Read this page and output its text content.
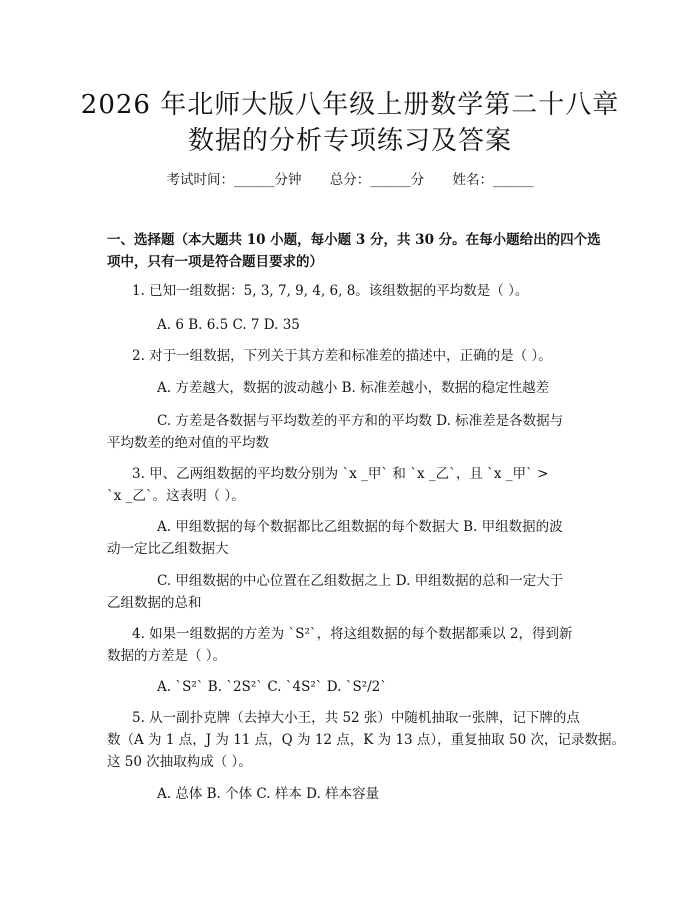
2026 年北师大版八年级上册数学第二十八章
数据的分析专项练习及答案
考试时间：______分钟 总分：______分 姓名：______
一、选择题（本大题共 10 小题，每小题 3 分，共 30 分。在每小题给出的四个选
项中，只有一项是符合题目要求的）
1. 已知一组数据：5, 3, 7, 9, 4, 6, 8。该组数据的平均数是（ ）。
A. 6 B. 6.5 C. 7 D. 35
2. 对于一组数据，下列关于其方差和标准差的描述中，正确的是（ ）。
A. 方差越大，数据的波动越小 B. 标准差越小，数据的稳定性越差
C. 方差是各数据与平均数差的平方和的平均数 D. 标准差是各数据与
平均数差的绝对值的平均数
3. 甲、乙两组数据的平均数分别为 `x _甲` 和 `x _乙`，且 `x _甲` >
`x _乙`。这表明（ ）。
A. 甲组数据的每个数据都比乙组数据的每个数据大 B. 甲组数据的波
动一定比乙组数据大
C. 甲组数据的中心位置在乙组数据之上 D. 甲组数据的总和一定大于
乙组数据的总和
4. 如果一组数据的方差为 `S²`，将这组数据的每个数据都乘以 2，得到新
数据的方差是（ ）。
A. `S²` B. `2S²` C. `4S²` D. `S²/2`
5. 从一副扑克牌（去掉大小王，共 52 张）中随机抽取一张牌，记下牌的点
数（A 为 1 点，J 为 11 点，Q 为 12 点，K 为 13 点），重复抽取 50 次，记录数据。
这 50 次抽取构成（ ）。
A. 总体 B. 个体 C. 样本 D. 样本容量
